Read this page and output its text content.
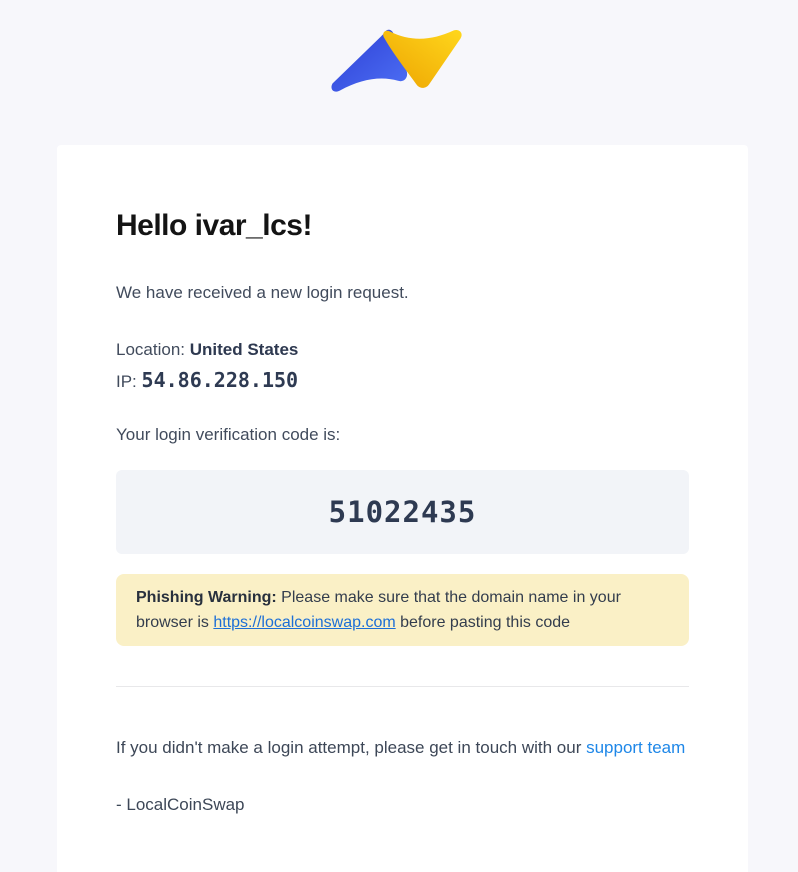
Hello ivar_lcs!

We have received a new login request.

Location: United States
IP: 54.86.228.150

Your login verification code is:

51022435
Phishing Warning: Please make sure that the domain name in your browser is https://localcoinswap.com before pasting this code

If you didn't make a login attempt, please get in touch with our support team

- LocalCoinSwap
